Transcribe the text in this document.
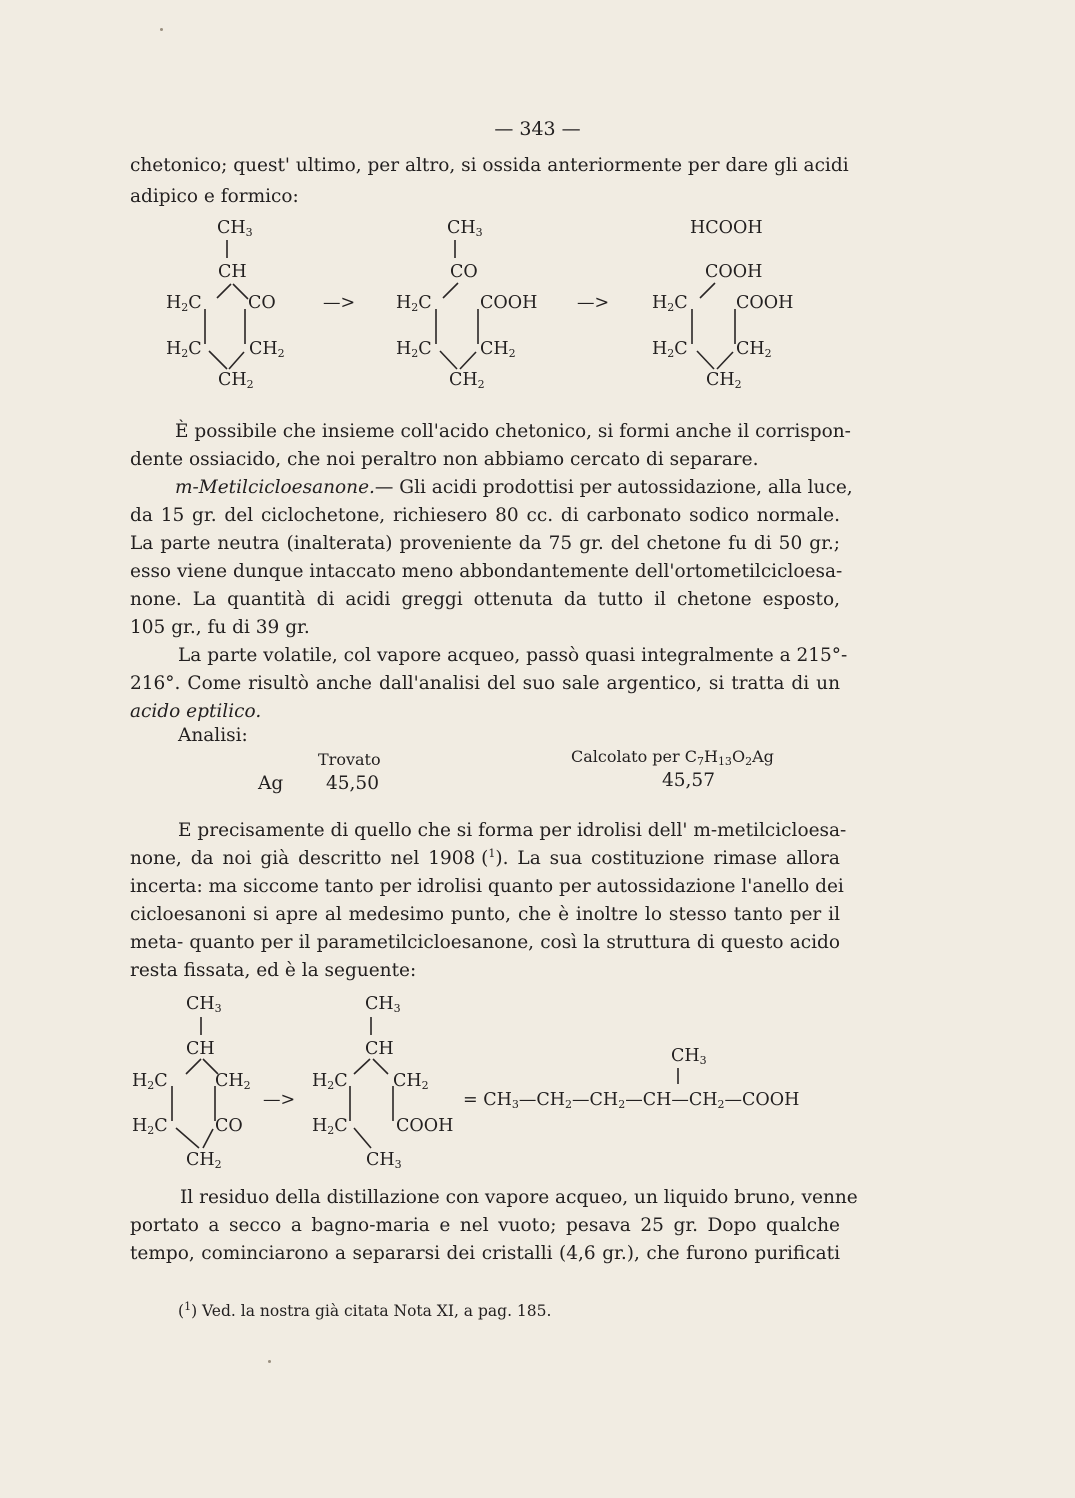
— 343 —
chetonico; quest' ultimo, per altro, si ossida anteriormente per dare gli acidi
adipico e formico:
$CH_3$
CH
$H_2C$	CO
$H_2C$	$CH_2$
$CH_2$
—>
$CH_3$
CO
$H_2C$	COOH
$H_2C$	$CH_2$
$CH_2$
—>
HCOOH
COOH
$H_2C$	COOH
$H_2C$	$CH_2$
$CH_2$
È possibile che insieme coll'acido chetonico, si formi anche il corrispon-
dente ossiacido, che noi peraltro non abbiamo cercato di separare.
m-Metilcicloesanone. — Gli acidi prodottisi per autossidazione, alla luce,
da 15 gr. del ciclochetone, richiesero 80 cc. di carbonato sodico normale.
La parte neutra (inalterata) proveniente da 75 gr. del chetone fu di 50 gr.;
esso viene dunque intaccato meno abbondantemente dell'ortometilcicloesa-
none. La quantità di acidi greggi ottenuta da tutto il chetone esposto,
105 gr., fu di 39 gr.
La parte volatile, col vapore acqueo, passò quasi integralmente a 215°-
216°. Come risultò anche dall'analisi del suo sale argentico, si tratta di un
acido eptilico.
Analisi:
Trovato	Calcolato per $C_7H_{13}O_2Ag$
Ag 45,50	45,57
E precisamente di quello che si forma per idrolisi dell' m-metilcicloesa-
none, da noi già descritto nel 1908 ($^1$). La sua costituzione rimase allora
incerta: ma siccome tanto per idrolisi quanto per autossidazione l'anello dei
cicloesanoni si apre al medesimo punto, che è inoltre lo stesso tanto per il
meta- quanto per il parametilcicloesanone, così la struttura di questo acido
resta fissata, ed è la seguente:
$CH_3$
CH
$H_2C$	$CH_2$
$H_2C$	CO
$CH_2$
—>
$CH_3$
CH
$H_2C$	$CH_2$
$H_2C$	COOH
$CH_3$
$CH_3$
= $CH_3—CH_2—CH_2—CH—CH_2—COOH$
Il residuo della distillazione con vapore acqueo, un liquido bruno, venne
portato a secco a bagno-maria e nel vuoto; pesava 25 gr. Dopo qualche
tempo, cominciarono a separarsi dei cristalli (4,6 gr.), che furono purificati
($^1$) Ved. la nostra già citata Nota XI, a pag. 185.
